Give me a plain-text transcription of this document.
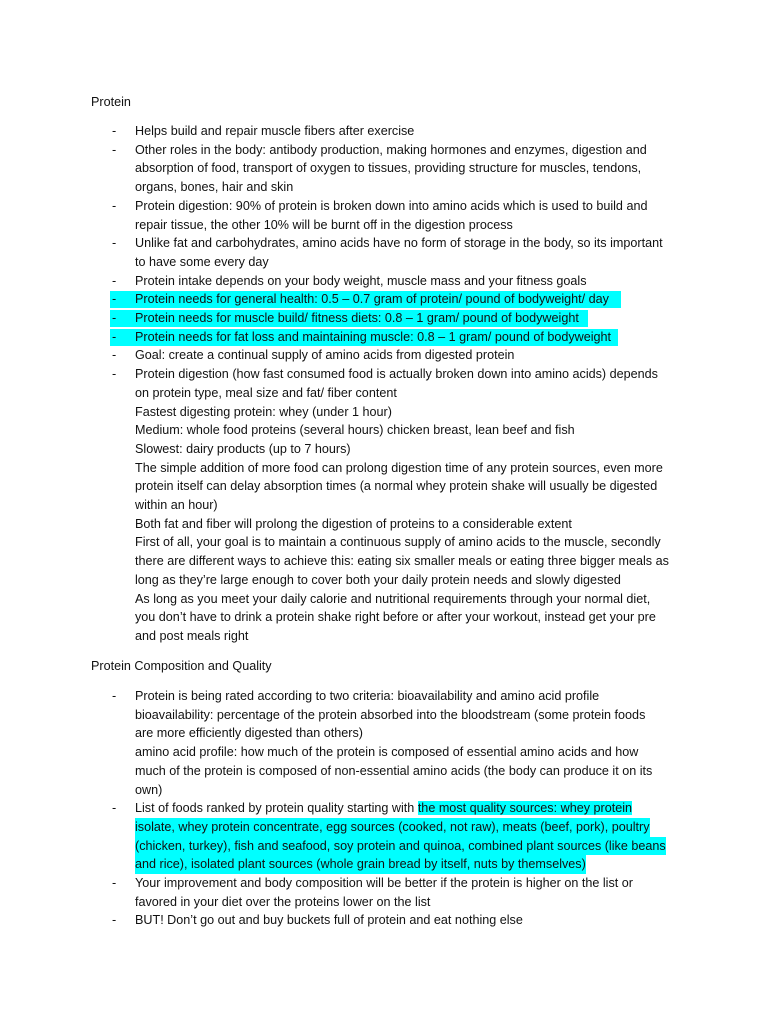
Protein
- Helps build and repair muscle fibers after exercise
- Other roles in the body: antibody production, making hormones and enzymes, digestion and
absorption of food, transport of oxygen to tissues, providing structure for muscles, tendons,
organs, bones, hair and skin
- Protein digestion: 90% of protein is broken down into amino acids which is used to build and
repair tissue, the other 10% will be burnt off in the digestion process
- Unlike fat and carbohydrates, amino acids have no form of storage in the body, so its important
to have some every day
- Protein intake depends on your body weight, muscle mass and your fitness goals
- Protein needs for general health: 0.5 – 0.7 gram of protein/ pound of bodyweight/ day
- Protein needs for muscle build/ fitness diets: 0.8 – 1 gram/ pound of bodyweight
- Protein needs for fat loss and maintaining muscle: 0.8 – 1 gram/ pound of bodyweight
- Goal: create a continual supply of amino acids from digested protein
- Protein digestion (how fast consumed food is actually broken down into amino acids) depends
on protein type, meal size and fat/ fiber content
Fastest digesting protein: whey (under 1 hour)
Medium: whole food proteins (several hours) chicken breast, lean beef and fish
Slowest: dairy products (up to 7 hours)
The simple addition of more food can prolong digestion time of any protein sources, even more
protein itself can delay absorption times (a normal whey protein shake will usually be digested
within an hour)
Both fat and fiber will prolong the digestion of proteins to a considerable extent
First of all, your goal is to maintain a continuous supply of amino acids to the muscle, secondly
there are different ways to achieve this: eating six smaller meals or eating three bigger meals as
long as they’re large enough to cover both your daily protein needs and slowly digested
As long as you meet your daily calorie and nutritional requirements through your normal diet,
you don’t have to drink a protein shake right before or after your workout, instead get your pre
and post meals right
Protein Composition and Quality
- Protein is being rated according to two criteria: bioavailability and amino acid profile
bioavailability: percentage of the protein absorbed into the bloodstream (some protein foods
are more efficiently digested than others)
amino acid profile: how much of the protein is composed of essential amino acids and how
much of the protein is composed of non-essential amino acids (the body can produce it on its
own)
- List of foods ranked by protein quality starting with the most quality sources: whey protein
isolate, whey protein concentrate, egg sources (cooked, not raw), meats (beef, pork), poultry
(chicken, turkey), fish and seafood, soy protein and quinoa, combined plant sources (like beans
and rice), isolated plant sources (whole grain bread by itself, nuts by themselves)
- Your improvement and body composition will be better if the protein is higher on the list or
favored in your diet over the proteins lower on the list
- BUT! Don’t go out and buy buckets full of protein and eat nothing else
